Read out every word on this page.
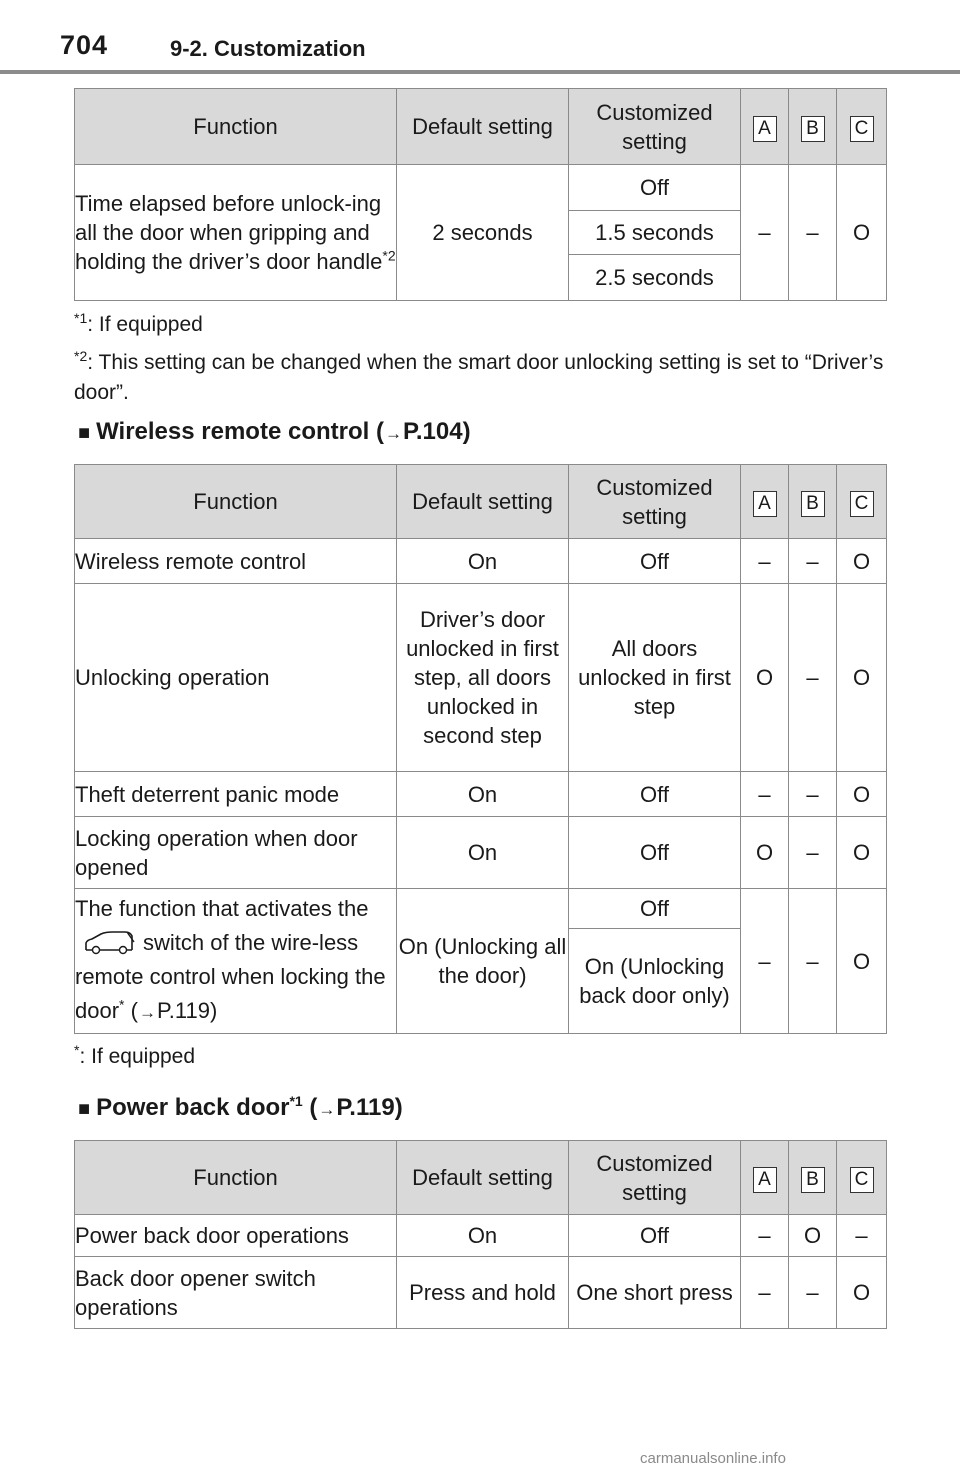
704	9-2. Customization
Function	Default setting	Customized setting	A	B	C
Time elapsed before unlock-ing all the door when gripping and holding the driver’s door handle$^{*2}$	2 seconds	Off	–	–	O
		1.5 seconds			
		2.5 seconds			
$^{*1}$: If equipped
$^{*2}$: This setting can be changed when the smart door unlocking setting is set to “Driver’s door”.
■ Wireless remote control (→P.104)
Function	Default setting	Customized setting	A	B	C
Wireless remote control	On	Off	–	–	O
Unlocking operation	Driver’s door unlocked in first step, all doors unlocked in second step	All doors unlocked in first step	O	–	O
Theft deterrent panic mode	On	Off	–	–	O
Locking operation when door opened	On	Off	O	–	O
The function that activates theswitch of the wire-less remote control when locking the door* (→P.119)	On (Unlocking all the door)	Off	–	–	O
		On (Unlocking back door only)			
*: If equipped
■ Power back door$^{*1}$ (→P.119)
Function	Default setting	Customized setting	A	B	C
Power back door operations	On	Off	–	O	–
Back door opener switch operations	Press and hold	One short press	–	–	O
carmanualsonline.info
